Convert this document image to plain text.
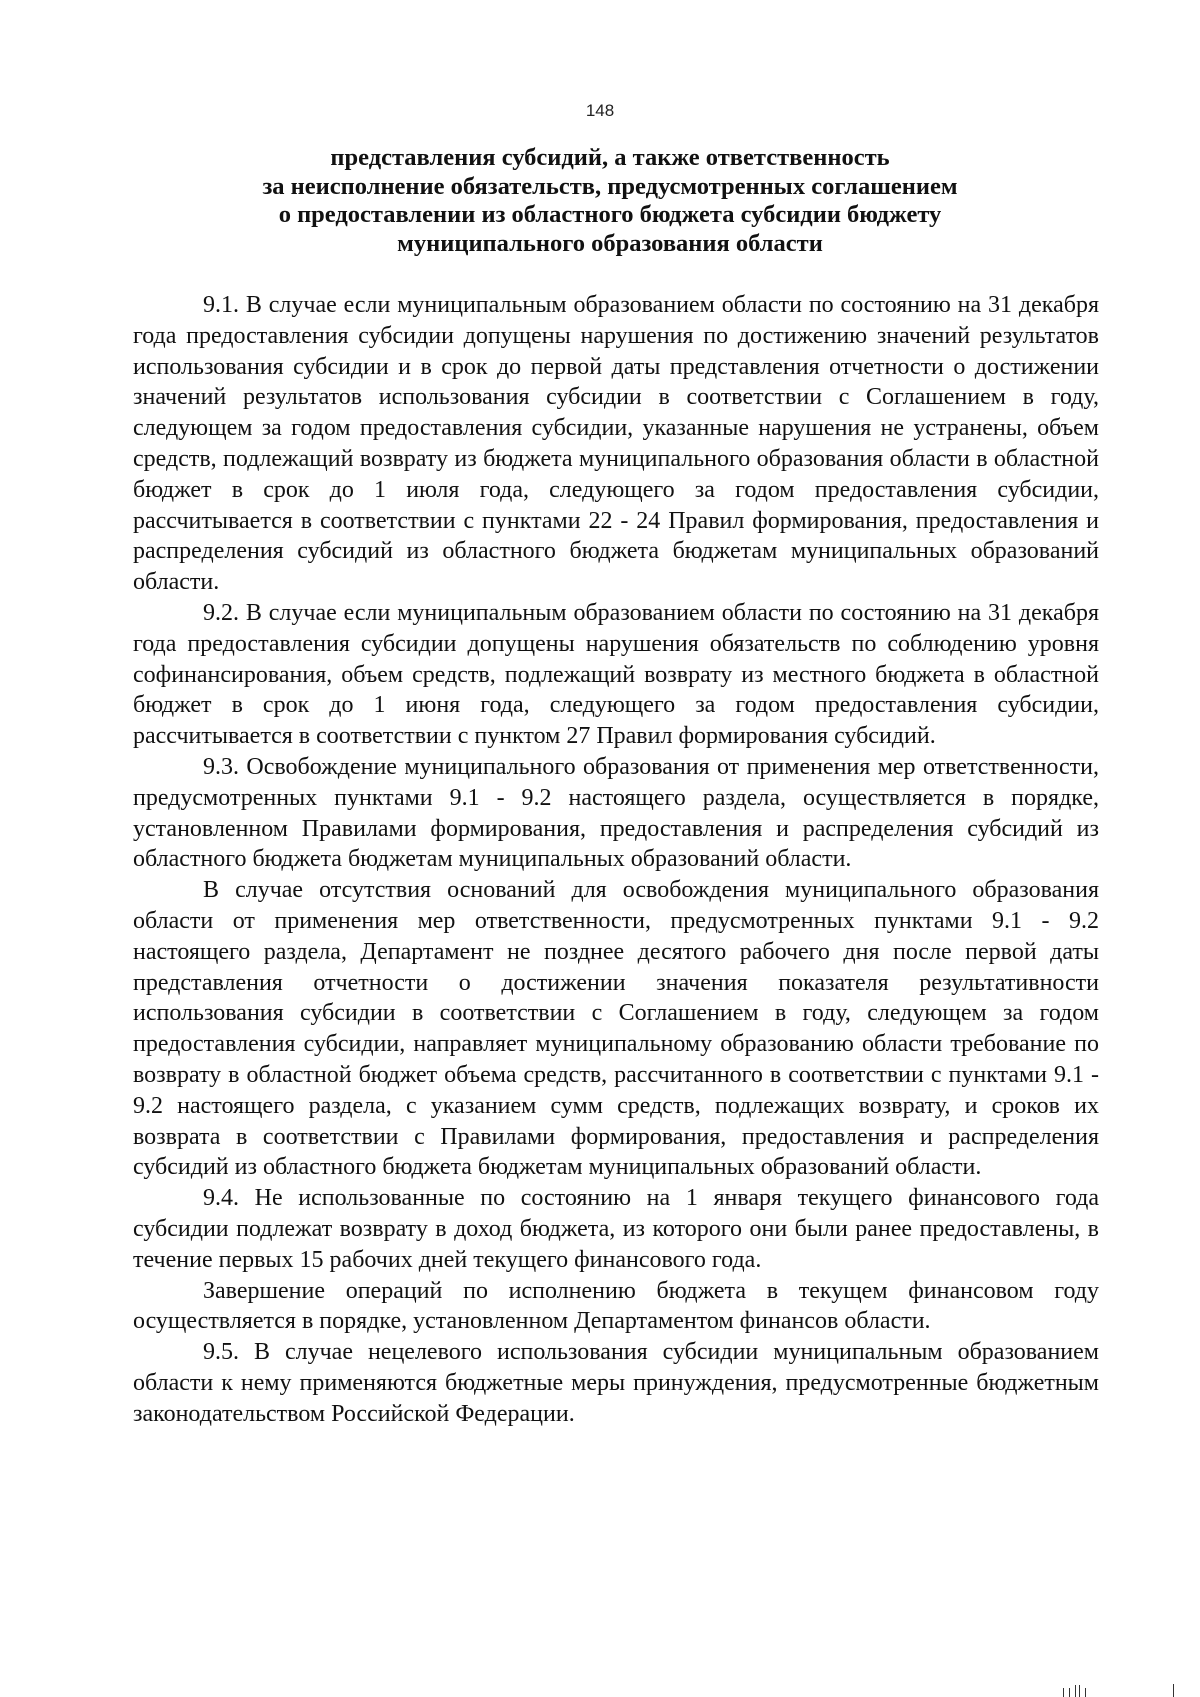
148
представления субсидий, а также ответственность
за неисполнение обязательств, предусмотренных соглашением
о предоставлении из областного бюджета субсидии бюджету
муниципального образования области

9.1. В случае если муниципальным образованием области по состоянию на 31 декабря года предоставления субсидии допущены нарушения по достижению значений результатов использования субсидии и в срок до первой даты представления отчетности о достижении значений результатов использования субсидии в соответствии с Соглашением в году, следующем за годом предоставления субсидии, указанные нарушения не устранены, объем средств, подлежащий возврату из бюджета муниципального образования области в областной бюджет в срок до 1 июля года, следующего за годом предоставления субсидии, рассчитывается в соответствии с пунктами 22 - 24 Правил формирования, предоставления и распределения субсидий из областного бюджета бюджетам муниципальных образований области.

9.2. В случае если муниципальным образованием области по состоянию на 31 декабря года предоставления субсидии допущены нарушения обязательств по соблюдению уровня софинансирования, объем средств, подлежащий возврату из местного бюджета в областной бюджет в срок до 1 июня года, следующего за годом предоставления субсидии, рассчитывается в соответствии с пунктом 27 Правил формирования субсидий.

9.3. Освобождение муниципального образования от применения мер ответственности, предусмотренных пунктами 9.1 - 9.2 настоящего раздела, осуществляется в порядке, установленном Правилами формирования, предоставления и распределения субсидий из областного бюджета бюджетам муниципальных образований области.

В случае отсутствия оснований для освобождения муниципального образования области от применения мер ответственности, предусмотренных пунктами 9.1 - 9.2 настоящего раздела, Департамент не позднее десятого рабочего дня после первой даты представления отчетности о достижении значения показателя результативности использования субсидии в соответствии с Соглашением в году, следующем за годом предоставления субсидии, направляет муниципальному образованию области требование по возврату в областной бюджет объема средств, рассчитанного в соответствии с пунктами 9.1 - 9.2 настоящего раздела, с указанием сумм средств, подлежащих возврату, и сроков их возврата в соответствии с Правилами формирования, предоставления и распределения субсидий из областного бюджета бюджетам муниципальных образований области.

9.4. Не использованные по состоянию на 1 января текущего финансового года субсидии подлежат возврату в доход бюджета, из которого они были ранее предоставлены, в течение первых 15 рабочих дней текущего финансового года.

Завершение операций по исполнению бюджета в текущем финансовом году осуществляется в порядке, установленном Департаментом финансов области.

9.5. В случае нецелевого использования субсидии муниципальным образованием области к нему применяются бюджетные меры принуждения, предусмотренные бюджетным законодательством Российской Федерации.
